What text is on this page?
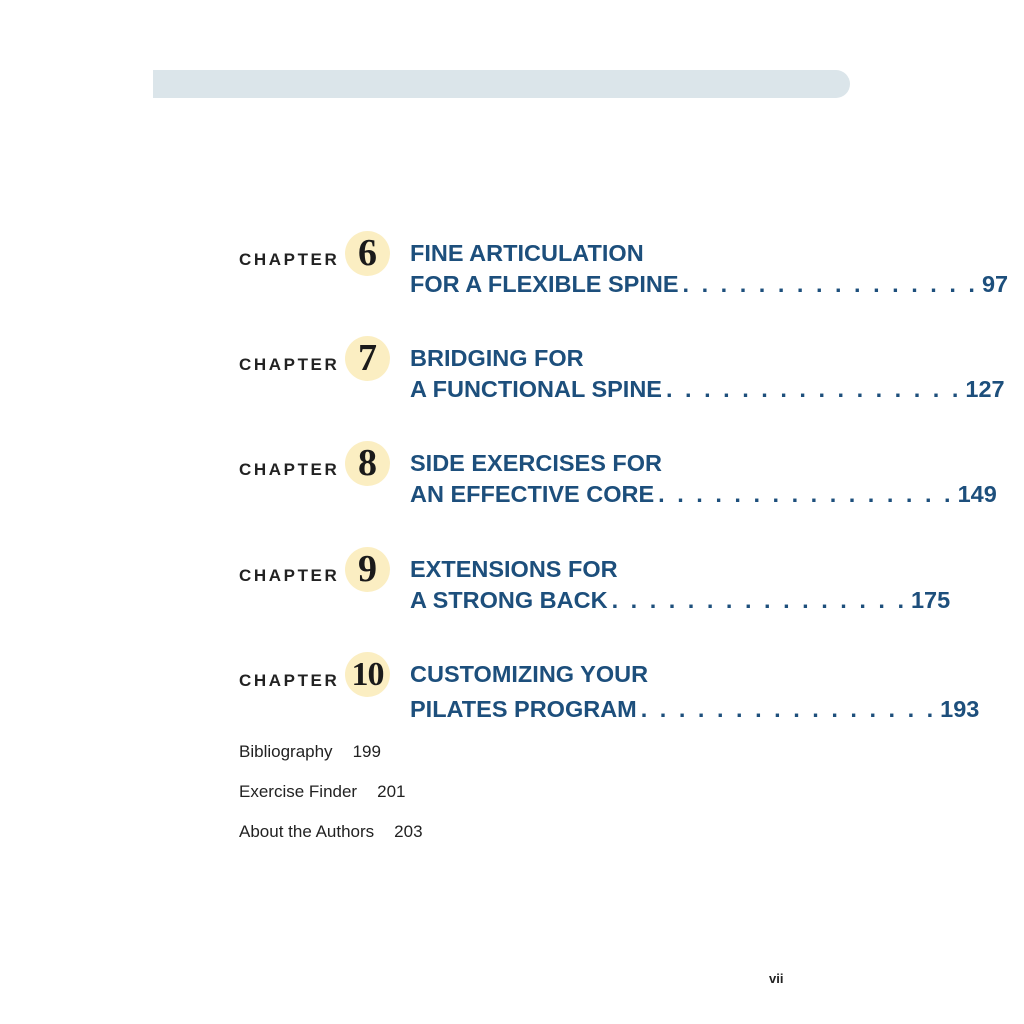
CHAPTER 6	FINE ARTICULATION
FOR A FLEXIBLE SPINE . . . . . . . . . . . . . . . . 97
CHAPTER 7	BRIDGING FOR
A FUNCTIONAL SPINE . . . . . . . . . . . . . . . . 127
CHAPTER 8	SIDE EXERCISES FOR
AN EFFECTIVE CORE . . . . . . . . . . . . . . . . 149
CHAPTER 9	EXTENSIONS FOR
A STRONG BACK . . . . . . . . . . . . . . . . 175
CHAPTER 10	CUSTOMIZING YOUR
PILATES PROGRAM . . . . . . . . . . . . . . . . 193
Bibliography 199
Exercise Finder 201
About the Authors 203
vii
